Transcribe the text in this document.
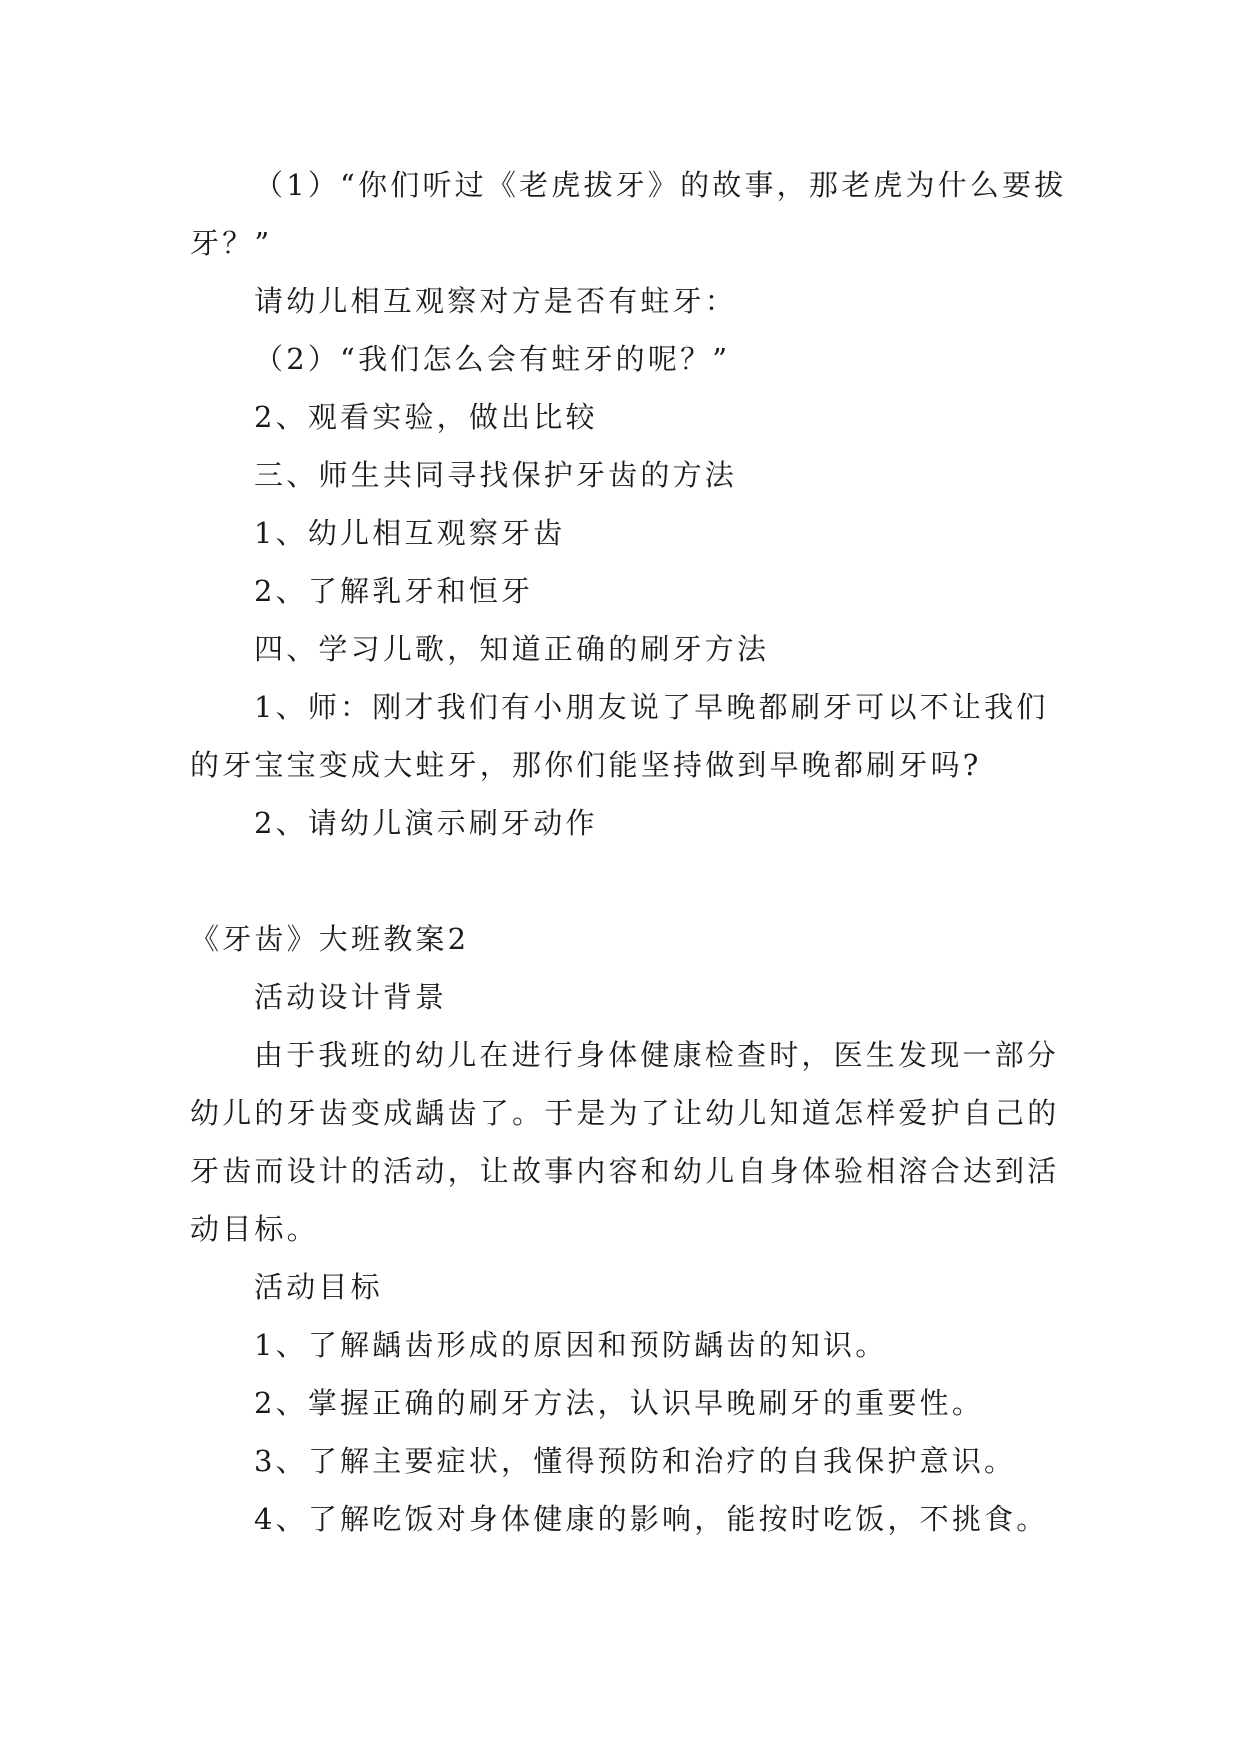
（1）“你们听过《老虎拔牙》的故事，那老虎为什么要拔牙？”

请幼儿相互观察对方是否有蛀牙：

（2）“我们怎么会有蛀牙的呢？”

2、观看实验，做出比较

三、师生共同寻找保护牙齿的方法

1、幼儿相互观察牙齿

2、了解乳牙和恒牙

四、学习儿歌，知道正确的刷牙方法

1、师：刚才我们有小朋友说了早晚都刷牙可以不让我们的牙宝宝变成大蛀牙，那你们能坚持做到早晚都刷牙吗?

2、请幼儿演示刷牙动作

《牙齿》大班教案2

活动设计背景

由于我班的幼儿在进行身体健康检查时，医生发现一部分幼儿的牙齿变成龋齿了。于是为了让幼儿知道怎样爱护自己的牙齿而设计的活动，让故事内容和幼儿自身体验相溶合达到活动目标。

活动目标

1、了解龋齿形成的原因和预防龋齿的知识。

2、掌握正确的刷牙方法，认识早晚刷牙的重要性。

3、了解主要症状，懂得预防和治疗的自我保护意识。

4、了解吃饭对身体健康的影响，能按时吃饭，不挑食。
